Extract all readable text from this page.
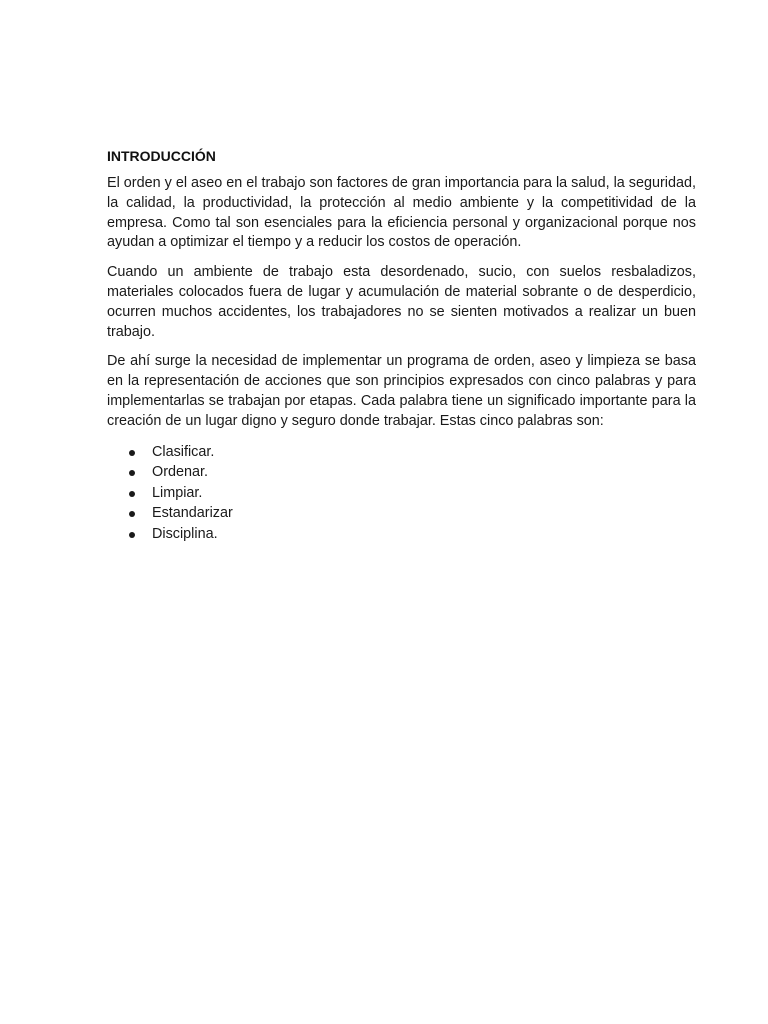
INTRODUCCIÓN

El orden y el aseo en el trabajo son factores de gran importancia para la salud, la seguridad, la calidad, la productividad, la protección al medio ambiente y la competitividad de la empresa. Como tal son esenciales para la eficiencia personal y organizacional porque nos ayudan a optimizar el tiempo y a reducir los costos de operación.

Cuando un ambiente de trabajo esta desordenado, sucio, con suelos resbaladizos, materiales colocados fuera de lugar y acumulación de material sobrante o de desperdicio, ocurren muchos accidentes, los trabajadores no se sienten motivados a realizar un buen trabajo.

De ahí surge la necesidad de implementar un programa de orden, aseo y limpieza se basa en la representación de acciones que son principios expresados con cinco palabras y para implementarlas se trabajan por etapas. Cada palabra tiene un significado importante para la creación de un lugar digno y seguro donde trabajar. Estas cinco palabras son:

Clasificar.
Ordenar.
Limpiar.
Estandarizar
Disciplina.
